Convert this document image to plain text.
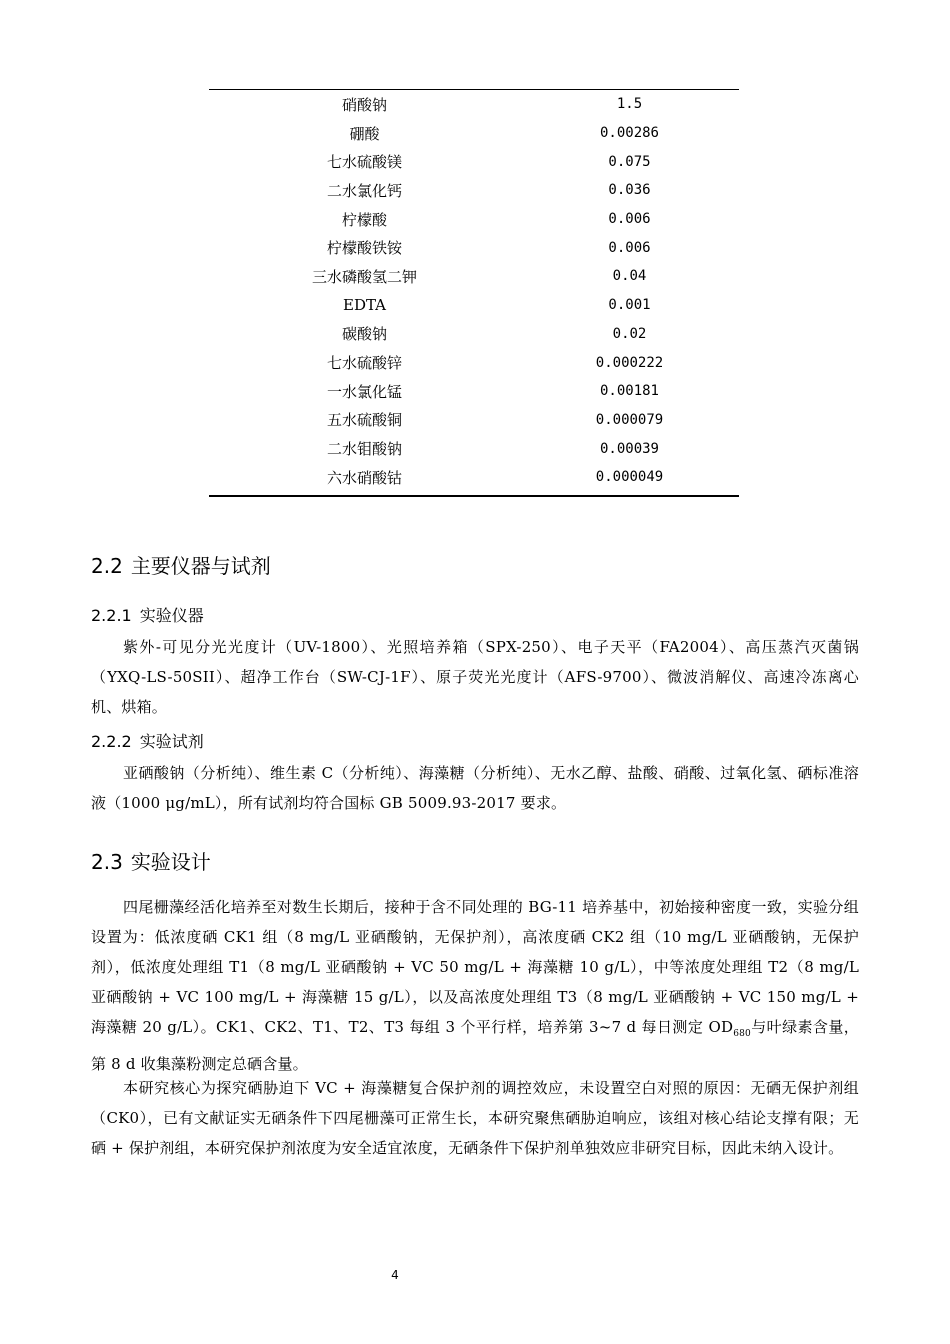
硝酸钠	1.5
硼酸	0.00286
七水硫酸镁	0.075
二水氯化钙	0.036
柠檬酸	0.006
柠檬酸铁铵	0.006
三水磷酸氢二钾	0.04
EDTA	0.001
碳酸钠	0.02
七水硫酸锌	0.000222
一水氯化锰	0.00181
五水硫酸铜	0.000079
二水钼酸钠	0.00039
六水硝酸钴	0.000049
2.2 主要仪器与试剂
2.2.1 实验仪器
紫外-可见分光光度计（UV-1800）、光照培养箱（SPX-250）、电子天平（FA2004）、高压蒸汽灭菌锅（YXQ-LS-50SII）、超净工作台（SW-CJ-1F）、原子荧光光度计（AFS-9700）、微波消解仪、高速冷冻离心机、烘箱。
2.2.2 实验试剂
亚硒酸钠（分析纯）、维生素 C（分析纯）、海藻糖（分析纯）、无水乙醇、盐酸、硝酸、过氧化氢、硒标准溶液（1000 μg/mL），所有试剂均符合国标 GB 5009.93-2017 要求。
2.3 实验设计
四尾栅藻经活化培养至对数生长期后，接种于含不同处理的 BG-11 培养基中，初始接种密度一致，实验分组设置为：低浓度硒 CK1 组（8 mg/L 亚硒酸钠，无保护剂），高浓度硒 CK2 组（10 mg/L 亚硒酸钠，无保护剂），低浓度处理组 T1（8 mg/L 亚硒酸钠 + VC 50 mg/L + 海藻糖 10 g/L），中等浓度处理组 T2（8 mg/L 亚硒酸钠 + VC 100 mg/L + 海藻糖 15 g/L），以及高浓度处理组 T3（8 mg/L 亚硒酸钠 + VC 150 mg/L + 海藻糖 20 g/L）。CK1、CK2、T1、T2、T3 每组 3 个平行样，培养第 3~7 d 每日测定 $OD_{680}$与叶绿素含量，第 8 d 收集藻粉测定总硒含量。
本研究核心为探究硒胁迫下 VC + 海藻糖复合保护剂的调控效应，未设置空白对照的原因：无硒无保护剂组（CK0），已有文献证实无硒条件下四尾栅藻可正常生长，本研究聚焦硒胁迫响应，该组对核心结论支撑有限；无硒 + 保护剂组，本研究保护剂浓度为安全适宜浓度，无硒条件下保护剂单独效应非研究目标，因此未纳入设计。
4
